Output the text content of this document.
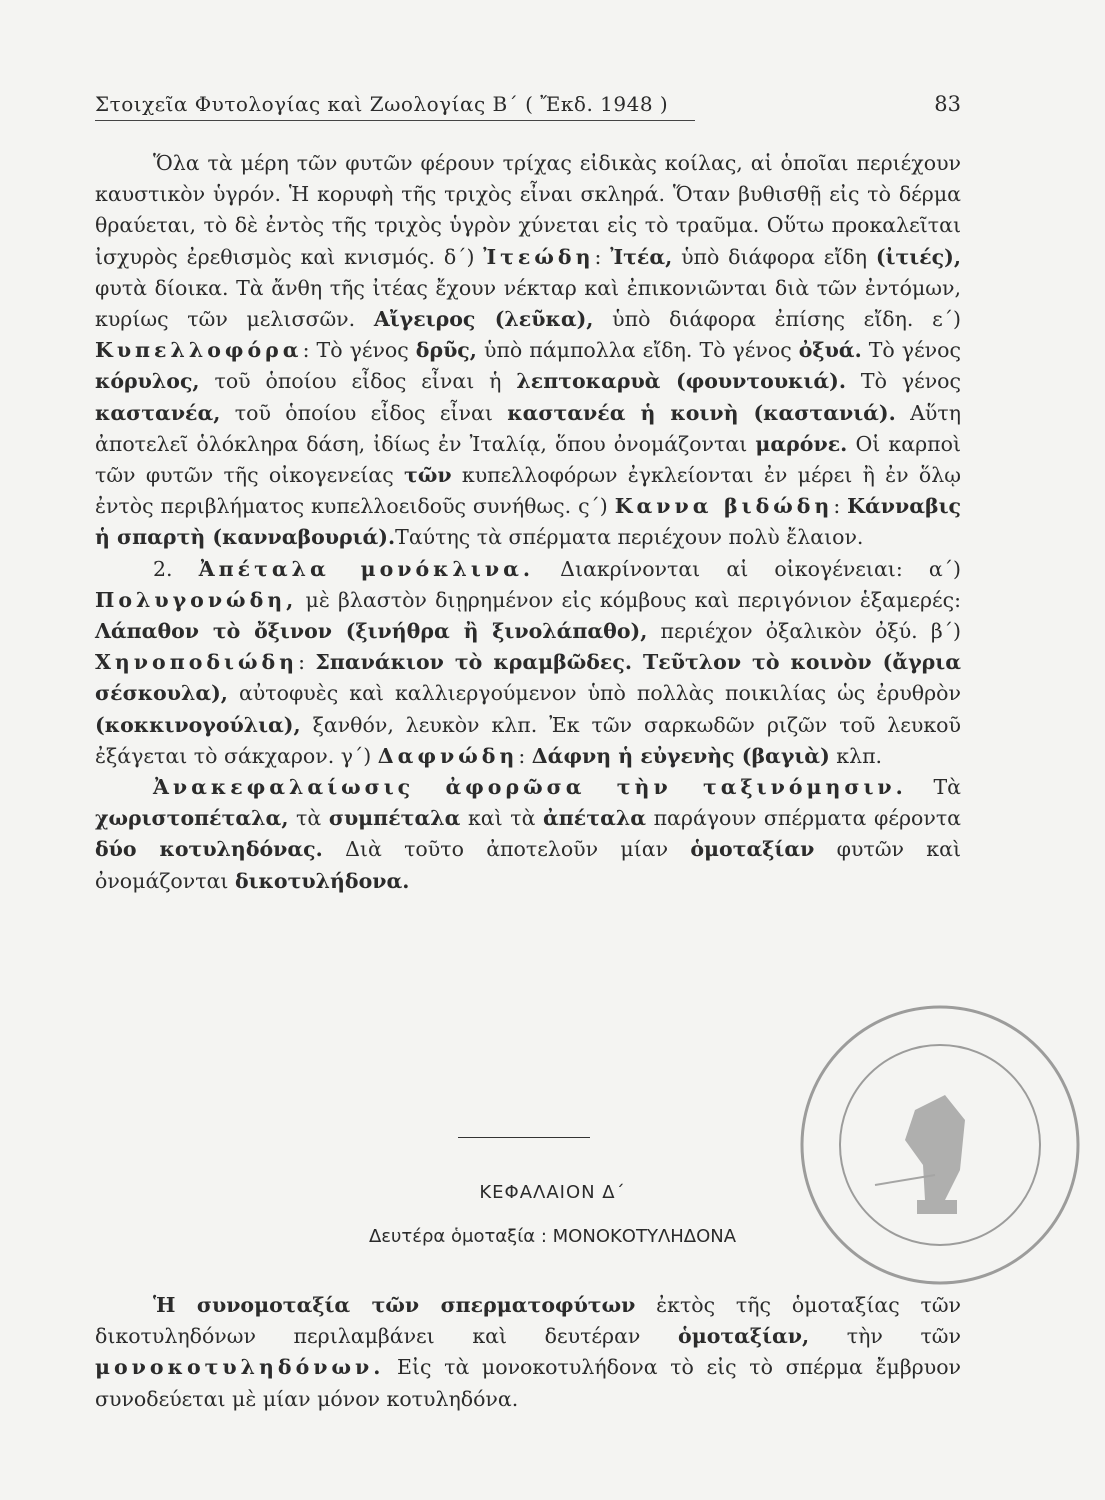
Στοιχεῖα Φυτολογίας καὶ Ζωολογίας Β΄ ( Ἔκδ. 1948 )	83

Ὅλα τὰ μέρη τῶν φυτῶν φέρουν τρίχας εἰδικὰς κοίλας, αἱ ὁποῖαι περιέχουν καυστικὸν ὑγρόν. Ἡ κορυφὴ τῆς τριχὸς εἶναι σκληρά. Ὅταν βυθισθῇ εἰς τὸ δέρμα θραύεται, τὸ δὲ ἐντὸς τῆς τριχὸς ὑγρὸν χύνεται εἰς τὸ τραῦμα. Οὕτω προκαλεῖται ἰσχυρὸς ἐρεθισμὸς καὶ κνισμός. δ΄) Ἰτεώδη: Ἰτέα, ὑπὸ διάφορα εἴδη (ἰτιές), φυτὰ δίοικα. Τὰ ἄνθη τῆς ἰτέας ἔχουν νέκταρ καὶ ἐπικονιῶνται διὰ τῶν ἐντόμων, κυρίως τῶν μελισσῶν. Αἴγειρος (λεῦκα), ὑπὸ διάφορα ἐπίσης εἴδη. ε΄) Κυπελλοφόρα: Τὸ γένος δρῦς, ὑπὸ πάμπολλα εἴδη. Τὸ γένος ὀξυά. Τὸ γένος κόρυλος, τοῦ ὁποίου εἶδος εἶναι ἡ λεπτοκαρυὰ (φουντουκιά). Τὸ γένος καστανέα, τοῦ ὁποίου εἶδος εἶναι καστανέα ἡ κοινὴ (καστανιά). Αὕτη ἀποτελεῖ ὁλόκληρα δάση, ἰδίως ἐν Ἰταλίᾳ, ὅπου ὀνομάζονται μαρόνε. Οἱ καρποὶ τῶν φυτῶν τῆς οἰκογενείας τῶν κυπελλοφόρων ἐγκλείονται ἐν μέρει ἢ ἐν ὅλῳ ἐντὸς περιβλήματος κυπελλοειδοῦς συνήθως. ς΄) Καννα βιδώδη: Κάνναβις ἡ σπαρτὴ (κανναβουριά).Ταύτης τὰ σπέρματα περιέχουν πολὺ ἔλαιον.

2. Ἀπέταλα μονόκλινα. Διακρίνονται αἱ οἰκογένειαι: α΄) Πολυγονώδη, μὲ βλαστὸν διῃρημένον εἰς κόμβους καὶ περιγόνιον ἑξαμερές: Λάπαθον τὸ ὄξινον (ξινήθρα ἢ ξινολάπαθο), περιέχον ὀξαλικὸν ὀξύ. β΄) Χηνοποδιώδη: Σπανάκιον τὸ κραμβῶδες. Τεῦτλον τὸ κοινὸν (ἄγρια σέσκουλα), αὐτοφυὲς καὶ καλλιεργούμενον ὑπὸ πολλὰς ποικιλίας ὡς ἐρυθρὸν (κοκκινογούλια), ξανθόν, λευκὸν κλπ. Ἐκ τῶν σαρκωδῶν ριζῶν τοῦ λευκοῦ ἐξάγεται τὸ σάκχαρον. γ΄) Δαφνώδη: Δάφνη ἡ εὐγενὴς (βαγιὰ) κλπ.

Ἀνακεφαλαίωσις ἀφορῶσα τὴν ταξινόμησιν. Τὰ χωριστοπέταλα, τὰ συμπέταλα καὶ τὰ ἀπέταλα παράγουν σπέρματα φέροντα δύο κοτυληδόνας. Διὰ τοῦτο ἀποτελοῦν μίαν ὁμοταξίαν φυτῶν καὶ ὀνομάζονται δικοτυλήδονα.

ΚΕΦΑΛΑΙΟΝ Δ΄
Δευτέρα ὁμοταξία : ΜΟΝΟΚΟΤΥΛΗΔΟΝΑ

Ἡ συνομοταξία τῶν σπερματοφύτων ἐκτὸς τῆς ὁμοταξίας τῶν δικοτυληδόνων περιλαμβάνει καὶ δευτέραν ὁμοταξίαν, τὴν τῶν μονοκοτυληδόνων. Εἰς τὰ μονοκοτυλήδονα τὸ εἰς τὸ σπέρμα ἔμβρυον συνοδεύεται μὲ μίαν μόνον κοτυληδόνα.
